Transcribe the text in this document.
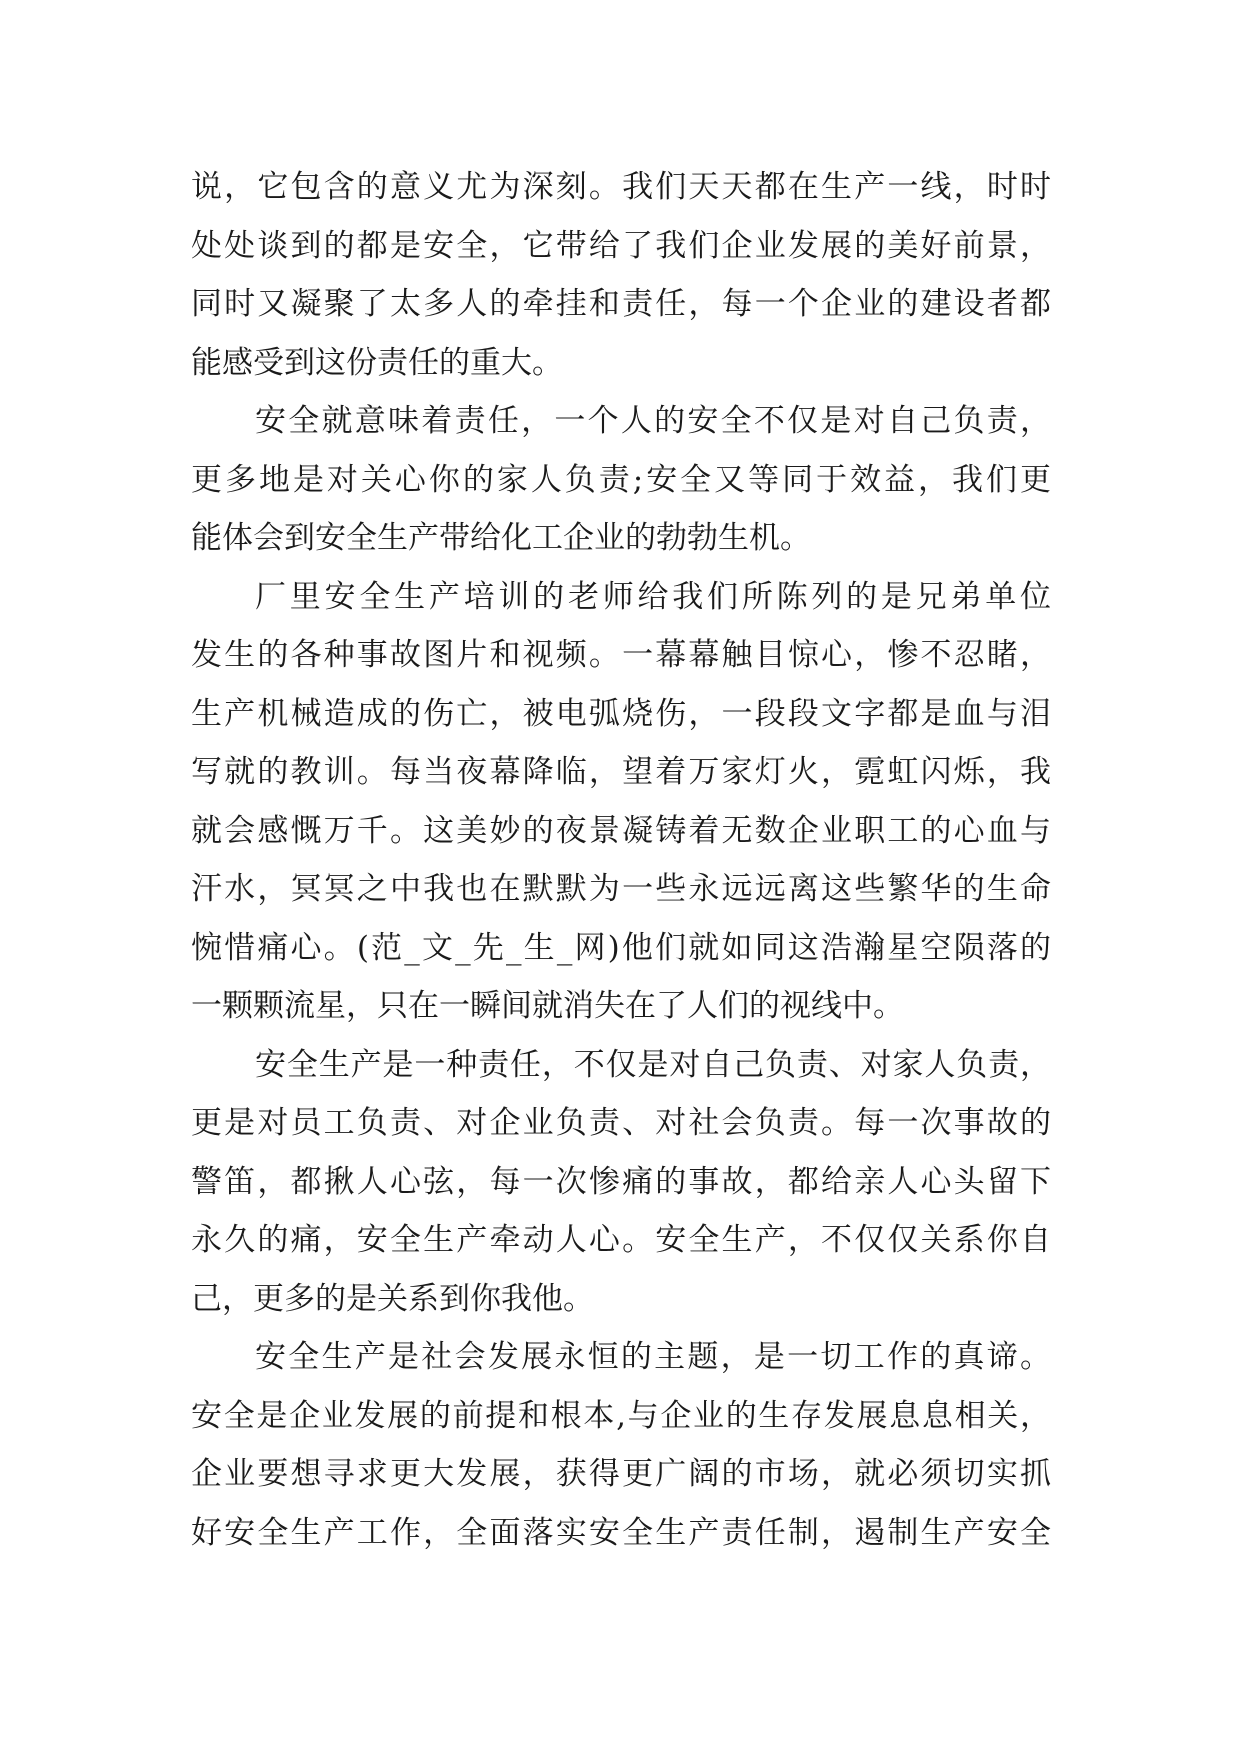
说，它包含的意义尤为深刻。我们天天都在生产一线，时时
处处谈到的都是安全，它带给了我们企业发展的美好前景，
同时又凝聚了太多人的牵挂和责任，每一个企业的建设者都
能感受到这份责任的重大。
安全就意味着责任，一个人的安全不仅是对自己负责，
更多地是对关心你的家人负责;安全又等同于效益，我们更
能体会到安全生产带给化工企业的勃勃生机。
厂里安全生产培训的老师给我们所陈列的是兄弟单位
发生的各种事故图片和视频。一幕幕触目惊心，惨不忍睹，
生产机械造成的伤亡，被电弧烧伤，一段段文字都是血与泪
写就的教训。每当夜幕降临，望着万家灯火，霓虹闪烁，我
就会感慨万千。这美妙的夜景凝铸着无数企业职工的心血与
汗水，冥冥之中我也在默默为一些永远远离这些繁华的生命
惋惜痛心。(范_文_先_生_网)他们就如同这浩瀚星空陨落的
一颗颗流星，只在一瞬间就消失在了人们的视线中。
安全生产是一种责任，不仅是对自己负责、对家人负责，
更是对员工负责、对企业负责、对社会负责。每一次事故的
警笛，都揪人心弦，每一次惨痛的事故，都给亲人心头留下
永久的痛，安全生产牵动人心。安全生产，不仅仅关系你自
己，更多的是关系到你我他。
安全生产是社会发展永恒的主题，是一切工作的真谛。
安全是企业发展的前提和根本,与企业的生存发展息息相关，
企业要想寻求更大发展，获得更广阔的市场，就必须切实抓
好安全生产工作，全面落实安全生产责任制，遏制生产安全
